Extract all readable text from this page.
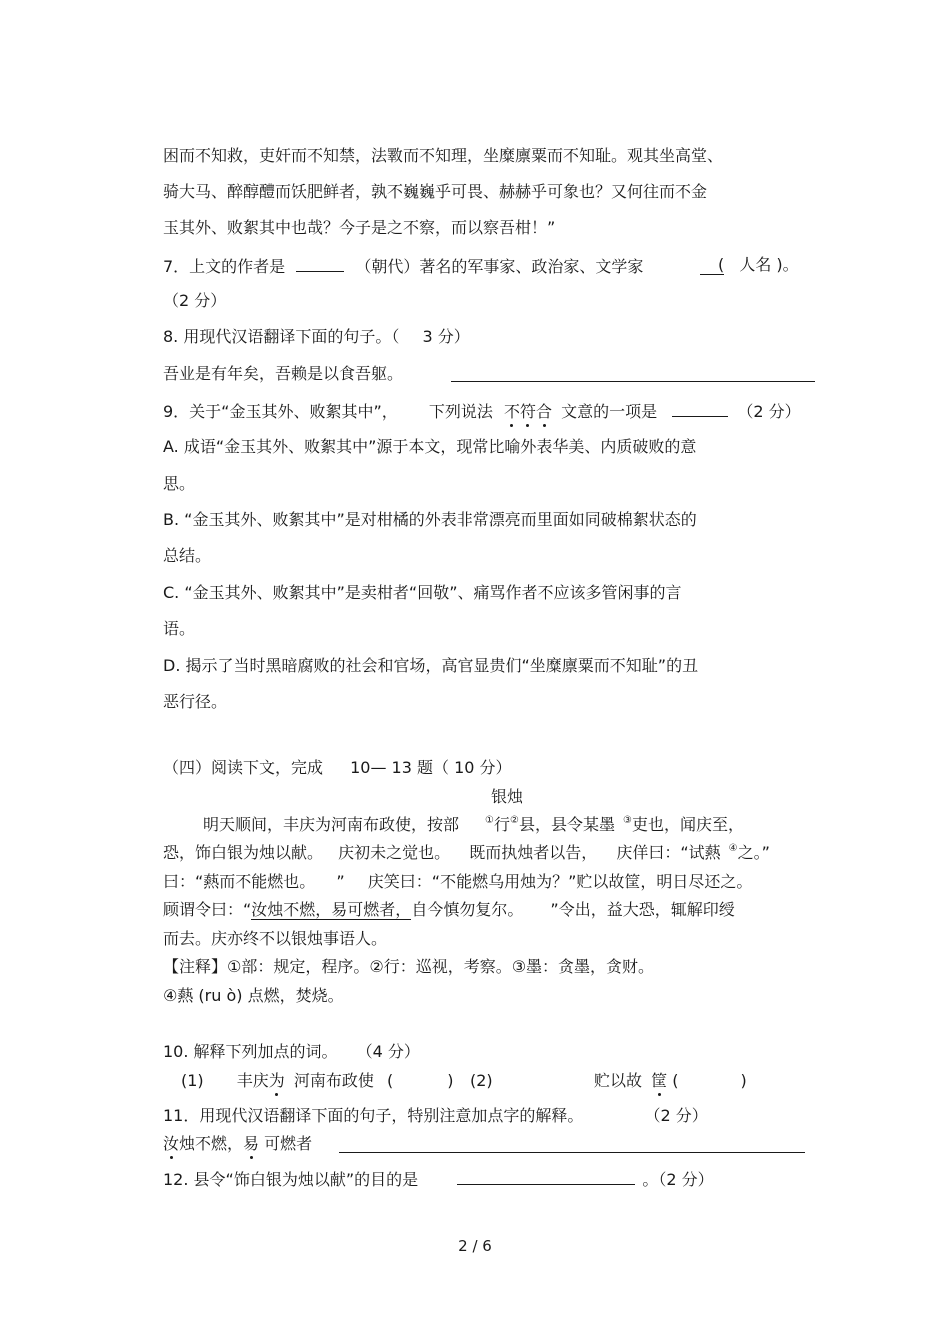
困而不知救，吏奸而不知禁，法斁而不知理，坐糜廪粟而不知耻。观其坐高堂、
骑大马、醉醇醴而饫肥鲜者，孰不巍巍乎可畏、赫赫乎可象也？又何往而不金
玉其外、败絮其中也哉？今子是之不察，而以察吾柑！”
7．上文的作者是	（朝代）著名的军事家、政治家、文学家	( 人名 )。
（2 分）
8. 用现代汉语翻译下面的句子。（ 3 分）
吾业是有年矣，吾赖是以食吾躯。
9．关于“金玉其外、败絮其中”， 下列说法 不符合 文意的一项是	（2 分）
A. 成语“金玉其外、败絮其中”源于本文，现常比喻外表华美、内质破败的意
思。
B. “金玉其外、败絮其中”是对柑橘的外表非常漂亮而里面如同破棉絮状态的
总结。
C. “金玉其外、败絮其中”是卖柑者“回敬”、痛骂作者不应该多管闲事的言
语。
D. 揭示了当时黑暗腐败的社会和官场，高官显贵们“坐糜廪粟而不知耻”的丑
恶行径。
（四）阅读下文，完成 10— 13 题（ 10 分）
银烛
明天顺间，丰庆为河南布政使，按部	①行②县，县令某墨 ③吏也，闻庆至，
恐，饰白银为烛以献。 庆初未之觉也。 既而执烛者以告， 庆佯曰：“试爇 ④之。”
曰：“爇而不能燃也。 ” 庆笑曰：“不能燃乌用烛为？”贮以故筐，明日尽还之。
顾谓令曰：“汝烛不燃，易可燃者，自今慎勿复尔。 ”令出，益大恐，辄解印绶
而去。庆亦终不以银烛事语人。
【注释】①部：规定，程序。②行：巡视，考察。③墨：贪墨，贪财。
④爇 (ru ò) 点燃，焚烧。
10. 解释下列加点的词。 （4 分）
(1) 丰庆为 河南布政使 (	) (2)	贮以故 筐 (	)
11．用现代汉语翻译下面的句子，特别注意加点字的解释。	（2 分）
汝烛不燃，易 可燃者
12. 县令“饰白银为烛以献”的目的是	。（2 分）
2 / 6
